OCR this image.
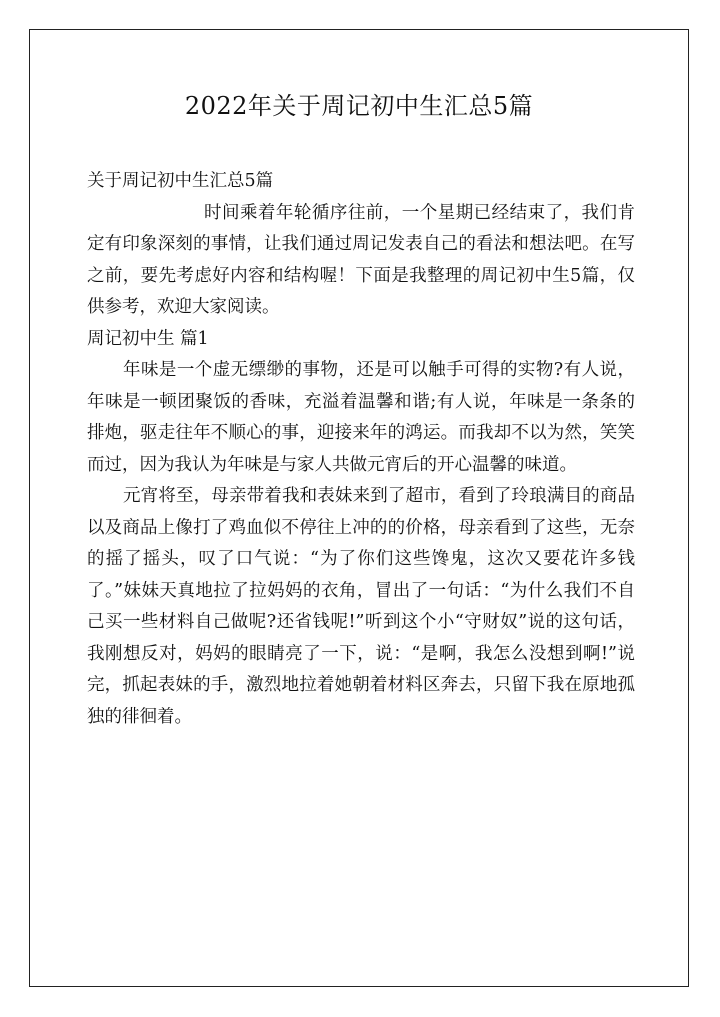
2022年关于周记初中生汇总5篇

关于周记初中生汇总5篇

时间乘着年轮循序往前，一个星期已经结束了，我们肯定有印象深刻的事情，让我们通过周记发表自己的看法和想法吧。在写之前，要先考虑好内容和结构喔！下面是我整理的周记初中生5篇，仅供参考，欢迎大家阅读。

周记初中生 篇1

年味是一个虚无缥缈的事物，还是可以触手可得的实物?有人说，年味是一顿团聚饭的香味，充溢着温馨和谐;有人说，年味是一条条的排炮，驱走往年不顺心的事，迎接来年的鸿运。而我却不以为然，笑笑而过，因为我认为年味是与家人共做元宵后的开心温馨的味道。

元宵将至，母亲带着我和表妹来到了超市，看到了玲琅满目的商品以及商品上像打了鸡血似不停往上冲的的价格，母亲看到了这些，无奈的摇了摇头，叹了口气说：“为了你们这些馋鬼，这次又要花许多钱了。”妹妹天真地拉了拉妈妈的衣角，冒出了一句话：“为什么我们不自己买一些材料自己做呢?还省钱呢!”听到这个小“守财奴”说的这句话，我刚想反对，妈妈的眼睛亮了一下，说：“是啊，我怎么没想到啊!”说完，抓起表妹的手，激烈地拉着她朝着材料区奔去，只留下我在原地孤独的徘徊着。
